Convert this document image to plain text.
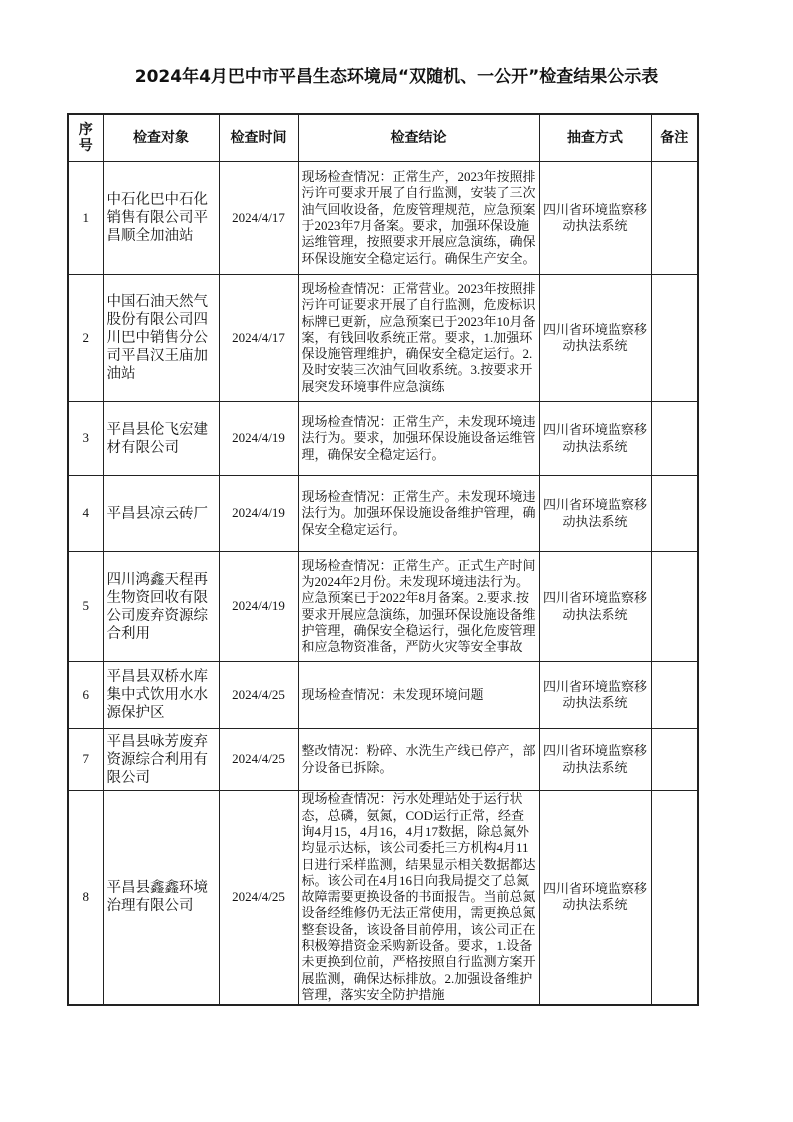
2024年4月巴中市平昌生态环境局“双随机、一公开”检查结果公示表
序号	检查对象	检查时间	检查结论	抽查方式	备注

1	中石化巴中石化销售有限公司平昌顺全加油站	2024/4/17	现场检查情况：正常生产，2023年按照排污许可要求开展了自行监测，安装了三次油气回收设备，危废管理规范，应急预案于2023年7月备案。要求，加强环保设施运维管理，按照要求开展应急演练，确保环保设施安全稳定运行。确保生产安全。	四川省环境监察移动执法系统	

2	中国石油天然气股份有限公司四川巴中销售分公司平昌汉王庙加油站	2024/4/17	现场检查情况：正常营业。2023年按照排污许可证要求开展了自行监测，危废标识标牌已更新，应急预案已于2023年10月备案，有钱回收系统正常。要求，1.加强环保设施管理维护，确保安全稳定运行。2.及时安装三次油气回收系统。3.按要求开展突发环境事件应急演练	四川省环境监察移动执法系统	

3	平昌县伦飞宏建材有限公司	2024/4/19	现场检查情况：正常生产，未发现环境违法行为。要求，加强环保设施设备运维管理，确保安全稳定运行。	四川省环境监察移动执法系统	

4	平昌县凉云砖厂	2024/4/19	现场检查情况：正常生产。未发现环境违法行为。加强环保设施设备维护管理，确保安全稳定运行。	四川省环境监察移动执法系统	

5	四川鸿鑫天程再生物资回收有限公司废弃资源综合利用	2024/4/19	现场检查情况：正常生产。正式生产时间为2024年2月份。未发现环境违法行为。应急预案已于2022年8月备案。2.要求.按要求开展应急演练，加强环保设施设备维护管理，确保安全稳运行，强化危废管理和应急物资准备，严防火灾等安全事故	四川省环境监察移动执法系统	

6	平昌县双桥水库集中式饮用水水源保护区	2024/4/25	现场检查情况：未发现环境问题	四川省环境监察移动执法系统	

7	平昌县咏芳废弃资源综合利用有限公司	2024/4/25	整改情况：粉碎、水洗生产线已停产，部分设备已拆除。	四川省环境监察移动执法系统	

8	平昌县鑫鑫环境治理有限公司	2024/4/25	现场检查情况：污水处理站处于运行状态，总磷，氨氮，COD运行正常，经查询4月15，4月16，4月17数据，除总氮外均显示达标，该公司委托三方机构4月11日进行采样监测，结果显示相关数据都达标。该公司在4月16日向我局提交了总氮故障需要更换设备的书面报告。当前总氮设备经维修仍无法正常使用，需更换总氮整套设备，该设备目前停用，该公司正在积极筹措资金采购新设备。要求，1.设备未更换到位前，严格按照自行监测方案开展监测，确保达标排放。2.加强设备维护管理，落实安全防护措施	四川省环境监察移动执法系统	
